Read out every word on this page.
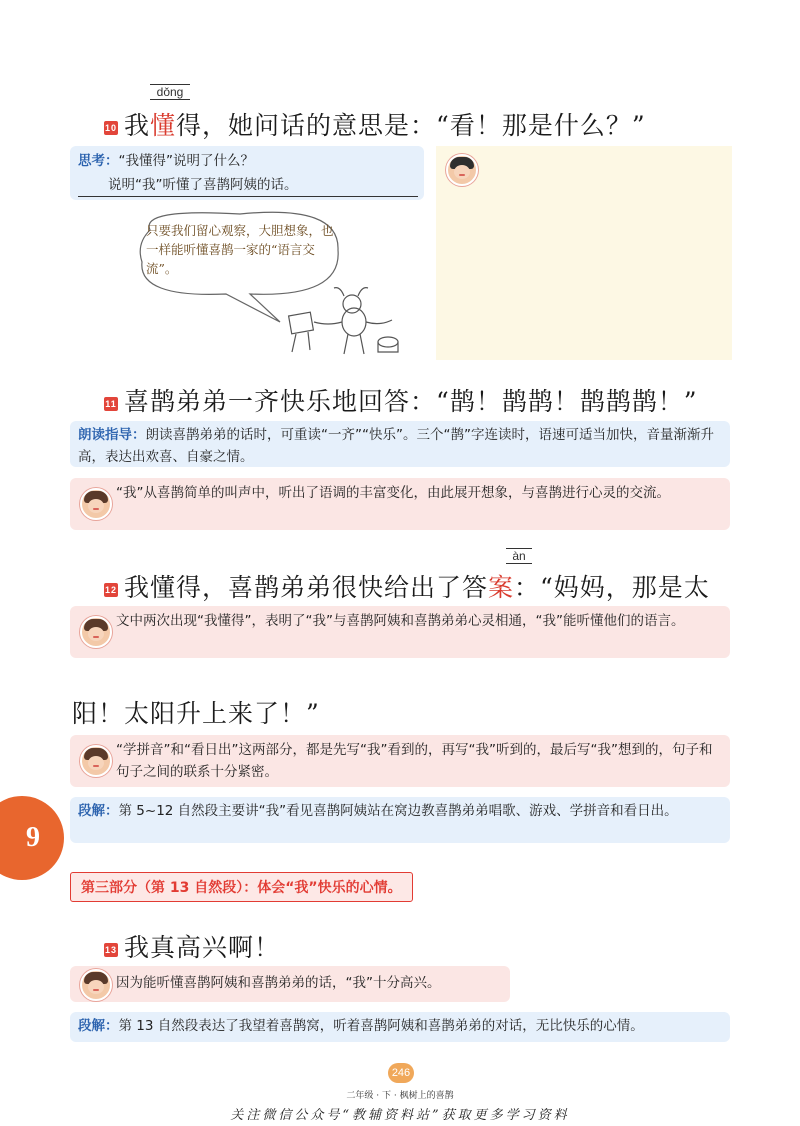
dǒng
10 我懂得，她问话的意思是：“看！那是什么？”
思考：“我懂得”说明了什么？
说明“我”听懂了喜鹊阿姨的话。
只要我们留心观察，大胆想象，也一样能听懂喜鹊一家的“语言交流”。
11 喜鹊弟弟一齐快乐地回答：“鹊！鹊鹊！鹊鹊鹊！”
朗读指导：朗读喜鹊弟弟的话时，可重读“一齐”“快乐”。三个“鹊”字连读时，语速可适当加快，音量渐渐升高，表达出欢喜、自豪之情。
“我”从喜鹊简单的叫声中，听出了语调的丰富变化，由此展开想象，与喜鹊进行心灵的交流。
àn
12 我懂得，喜鹊弟弟很快给出了答案：“妈妈，那是太
文中两次出现“我懂得”，表明了“我”与喜鹊阿姨和喜鹊弟弟心灵相通，“我”能听懂他们的语言。
阳！太阳升上来了！”
“学拼音”和“看日出”这两部分，都是先写“我”看到的，再写“我”听到的，最后写“我”想到的，句子和句子之间的联系十分紧密。
段解：第 5~12 自然段主要讲“我”看见喜鹊阿姨站在窝边教喜鹊弟弟唱歌、游戏、学拼音和看日出。
9
第三部分（第 13 自然段）：体会“我”快乐的心情。
13 我真高兴啊！
因为能听懂喜鹊阿姨和喜鹊弟弟的话，“我”十分高兴。
段解：第 13 自然段表达了我望着喜鹊窝，听着喜鹊阿姨和喜鹊弟弟的对话，无比快乐的心情。
246
二年级 · 下 · 枫树上的喜鹊
关注微信公众号“教辅资料站”获取更多学习资料
